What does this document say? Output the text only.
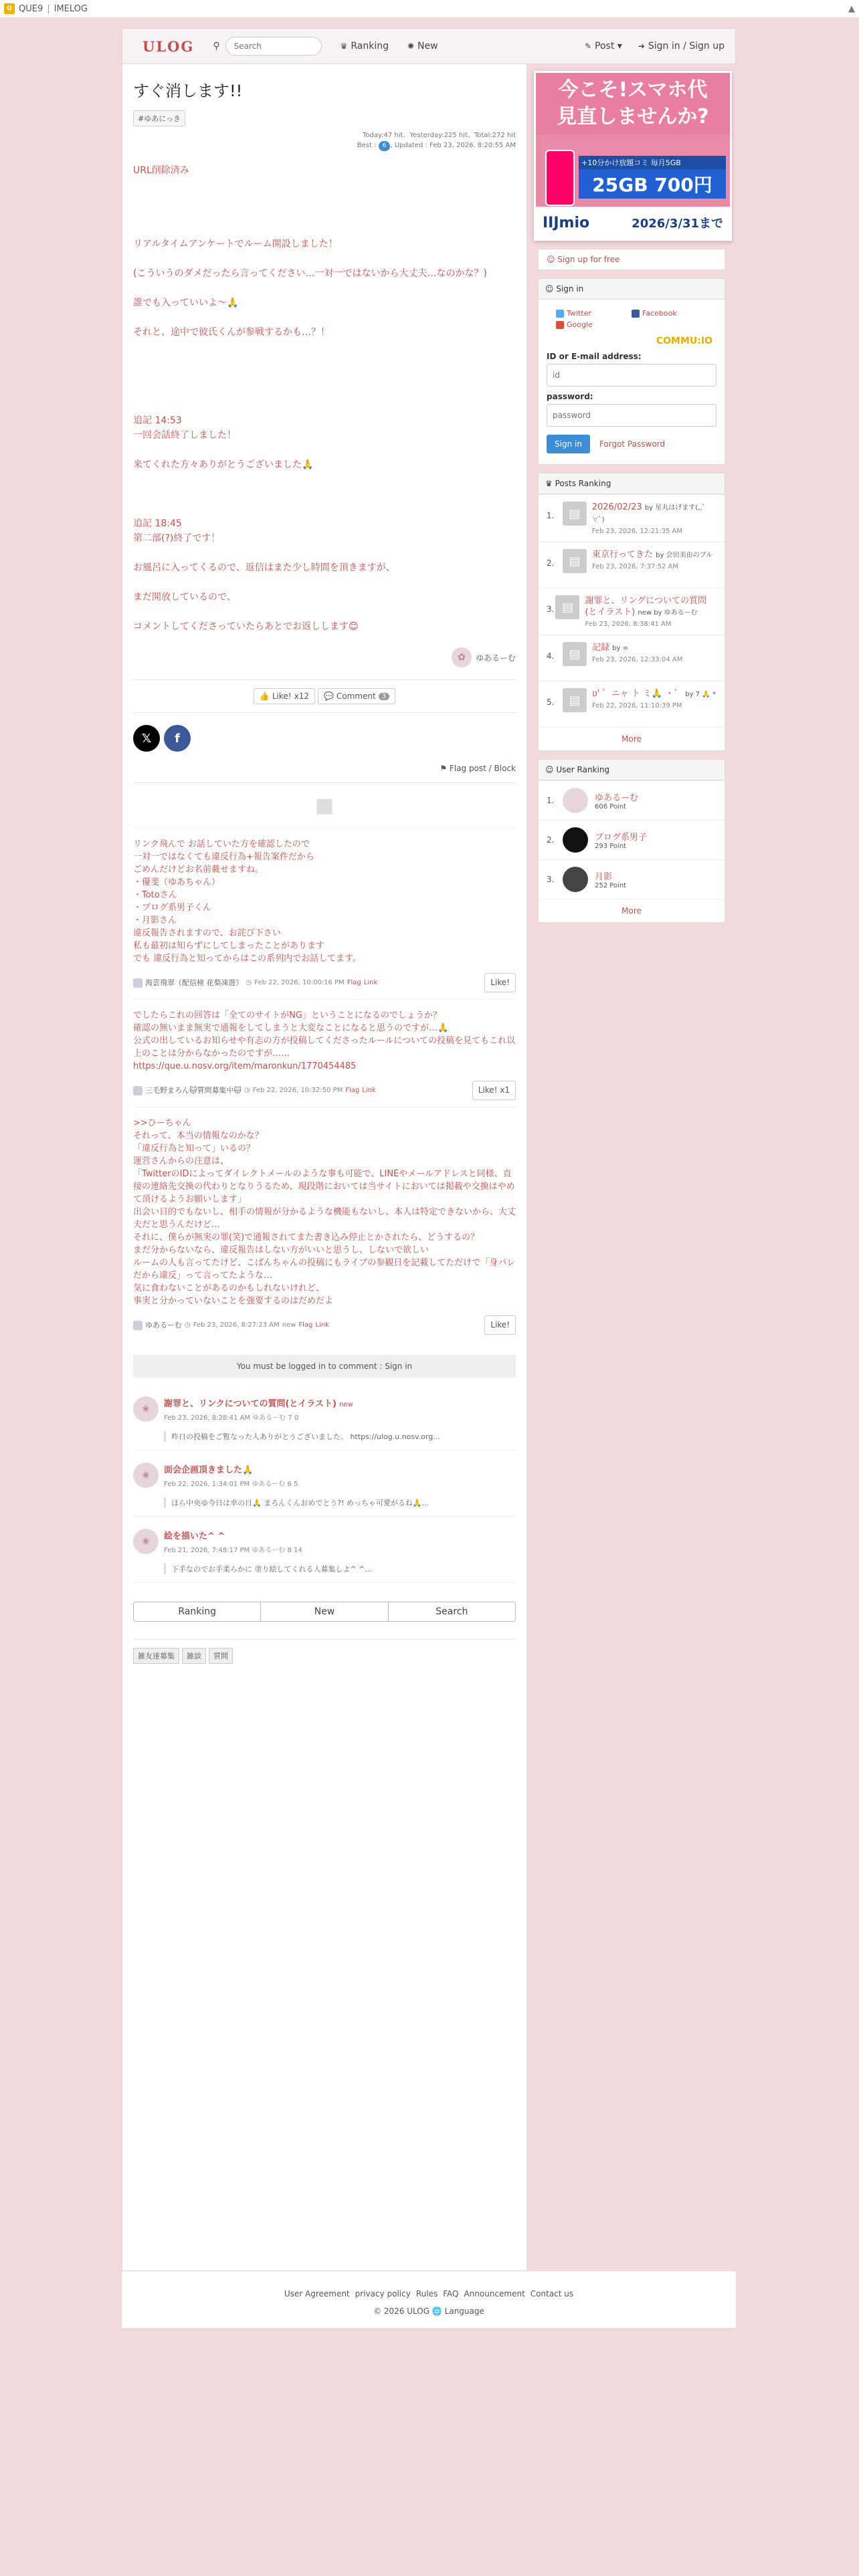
Q QUE9 | IMELOG	▲
ULOG ⚲
Search	♛ Ranking ✺ New	✎ Post
▾ ➜ Sign in / Sign up
すぐ消します!!
#ゆあにっき
Today:47 hit、Yesterday:225 hit、Total:272 hit
Best : 6 , Updated : Feb 23, 2026, 8:20:55 AM

URL削除済み

リアルタイムアンケートでルーム開設しました！

(こういうのダメだったら言ってください…一対一ではないから大丈夫…なのかな？)

誰でも入っていいよ〜🙏

それと、途中で彼氏くんが参戦するかも…？！

追記 14:53

一回会話終了しました！

来てくれた方々ありがとうございました🙏

追記 18:45

第二部(?)終了です！

お風呂に入ってくるので、返信はまた少し時間を頂きますが、

まだ開放しているので、

コメントしてくださっていたらあとでお返しします😊

✿	ゆあるーむ
👍 Like! x12 💬 Comment 3
𝕏	f
⚑ Flag post / Block
■
リンク飛んで お話していた方を確認したので
一対一ではなくても違反行為+報告案件だから
ごめんだけどお名前載せますね。
・優斐（ゆあちゃん）
・Totoさん
・ブログ系男子くん
・月影さん
違反報告されますので、お詫び下さい
私も最初は知らずにしてしまったことがあります
でも 違反行為と知ってからはこの系列内でお話してます。
海雲飛翠（配信検 花梨凍遊） ◷ Feb 22, 2026, 10:00:16 PM Flag Link	Like!
でしたらこれの回答は「全てのサイトがNG」ということになるのでしょうか？
確認の無いまま無実で通報をしてしまうと大変なことになると思うのですが…🙏
公式の出しているお知らせや有志の方が投稿してくださったルールについての投稿を見てもこれ以上のことは分からなかったのですが……
https://que.u.nosv.org/item/maronkun/1770454485
三毛野まろん🐱質問募集中🐱 ◷ Feb 22, 2026, 10:32:50 PM Flag Link	Like! x1
>>ひーちゃん
それって、本当の情報なのかな？
「違反行為と知って」いるの？
運営さんからの注意は、
「TwitterのIDによってダイレクトメールのような事も可能で、LINEやメールアドレスと同様、直接の連絡先交換の代わりとなりうるため、現段階においては当サイトにおいては掲載や交換はやめて頂けるようお願いします」
出会い目的でもないし、相手の情報が分かるような機能もないし、本人は特定できないから、大丈夫だと思うんだけど…
それに、僕らが無実の罪(笑)で通報されてまた書き込み停止とかされたら、どうするの？
まだ分からないなら、違反報告はしない方がいいと思うし、しないで欲しい
ルームの人も言ってたけど、こばんちゃんの投稿にもライブの参観日を記載してただけで「身バレだから違反」って言ってたような…
気に食わないことがあるのかもしれないけれど、
事実と分かっていないことを強要するのはだめだよ
ゆあるーむ ◷ Feb 23, 2026, 8:27:23 AM new Flag Link	Like!
You must be logged in to comment : Sign in
❀	謝罪と、リンクについての質問(とイラスト) new
Feb 23, 2026, 8:28:41 AM ゆあるーむ 7 0
昨日の投稿をご覧なった人ありがとうございました。 https://ulog.u.nosv.org...
❀	面会企画頂きました🙏
Feb 22, 2026, 1:34:01 PM ゆあるーむ 6 5
ほら中央ゆ今日は幸の日🙏 まろんくんおめでとう?! めっちゃ可愛がるね🙏...
❀	絵を描いた^ ^
Feb 21, 2026, 7:48:17 PM ゆあるーむ 8 14
下手なのでお手柔らかに 塗り絵してくれる人募集しよ^ ^...
Ranking	New	Search
雑友達募集	雑談	質問
今こそ!スマホ代
見直しませんか?
+10分かけ放題コミ 毎月5GB
25GB 700円
IIJmio	2026/3/31まで
☺ Sign up for free
☺ Sign in
Twitter	Facebook
Google
COMMU:IO
ID or E-mail address:
id
password:
password
Sign in	Forgot Password
♛ Posts Ranking
1.	▤	2026/02/23 by 星丸はげます(,,ﾟ∀ﾟ)
Feb 23, 2026, 12:21:35 AM
2.	▤	東京行ってきた by 会田美由のブル
Feb 23, 2026, 7:37:52 AM
3. ▤	謝罪と、リングについての質問(とイラスト) new by ゆあるーむ
Feb 23, 2026, 8:38:41 AM
4.	▤	記録 by ∞
Feb 23, 2026, 12:33:04 AM
5.	▤	ʋ' ゜ニャ ト ミ🙏 ・゛ by 7 🙏 *
Feb 22, 2026, 11:10:39 PM
More
☺ User Ranking
1.	ゆあるーむ
606 Point
2.	ブログ系男子
293 Point
3.	月影
252 Point
More
User Agreement privacy policy Rules FAQ Announcement Contact us
© 2026 ULOG 🌐 Language
